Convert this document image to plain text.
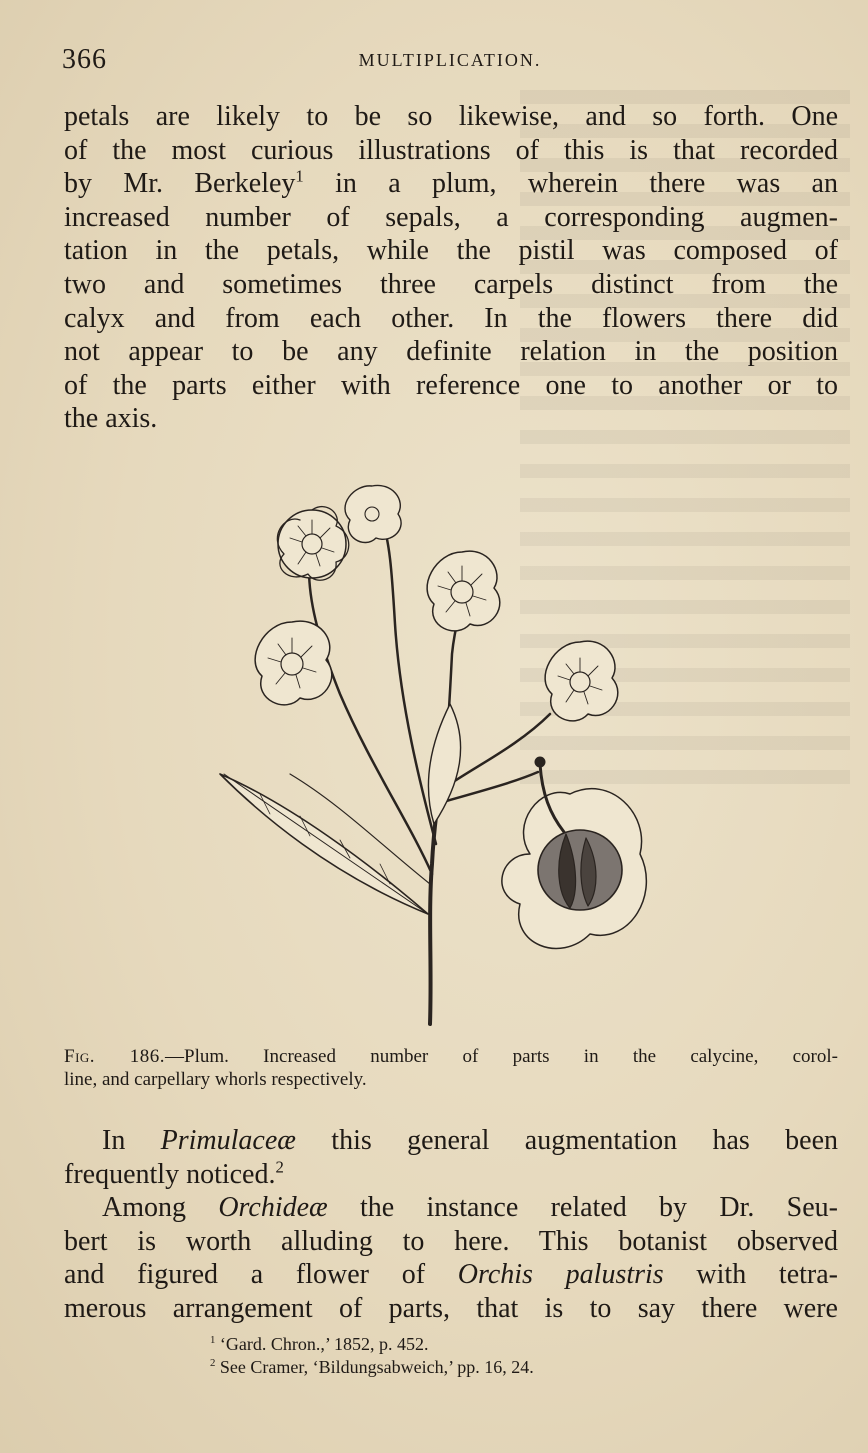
366	MULTIPLICATION.

petals are likely to be so likewise, and so forth. One
of the most curious illustrations of this is that recorded
by Mr. Berkeley$^1$ in a plum, wherein there was an
increased number of sepals, a corresponding augmen-
tation in the petals, while the pistil was composed of
two and sometimes three carpels distinct from the
calyx and from each other. In the flowers there did
not appear to be any definite relation in the position
of the parts either with reference one to another or to
the axis.

Fig. 186.—Plum. Increased number of parts in the calycine, corol-
line, and carpellary whorls respectively.

In Primulaceæ this general augmentation has been
frequently noticed.$^2$

Among Orchideæ the instance related by Dr. Seu-
bert is worth alluding to here. This botanist observed
and figured a flower of Orchis palustris with tetra-
merous arrangement of parts, that is to say there were

$^1$ ‘Gard. Chron.,’ 1852, p. 452.
$^2$ See Cramer, ‘Bildungsabweich,’ pp. 16, 24.
